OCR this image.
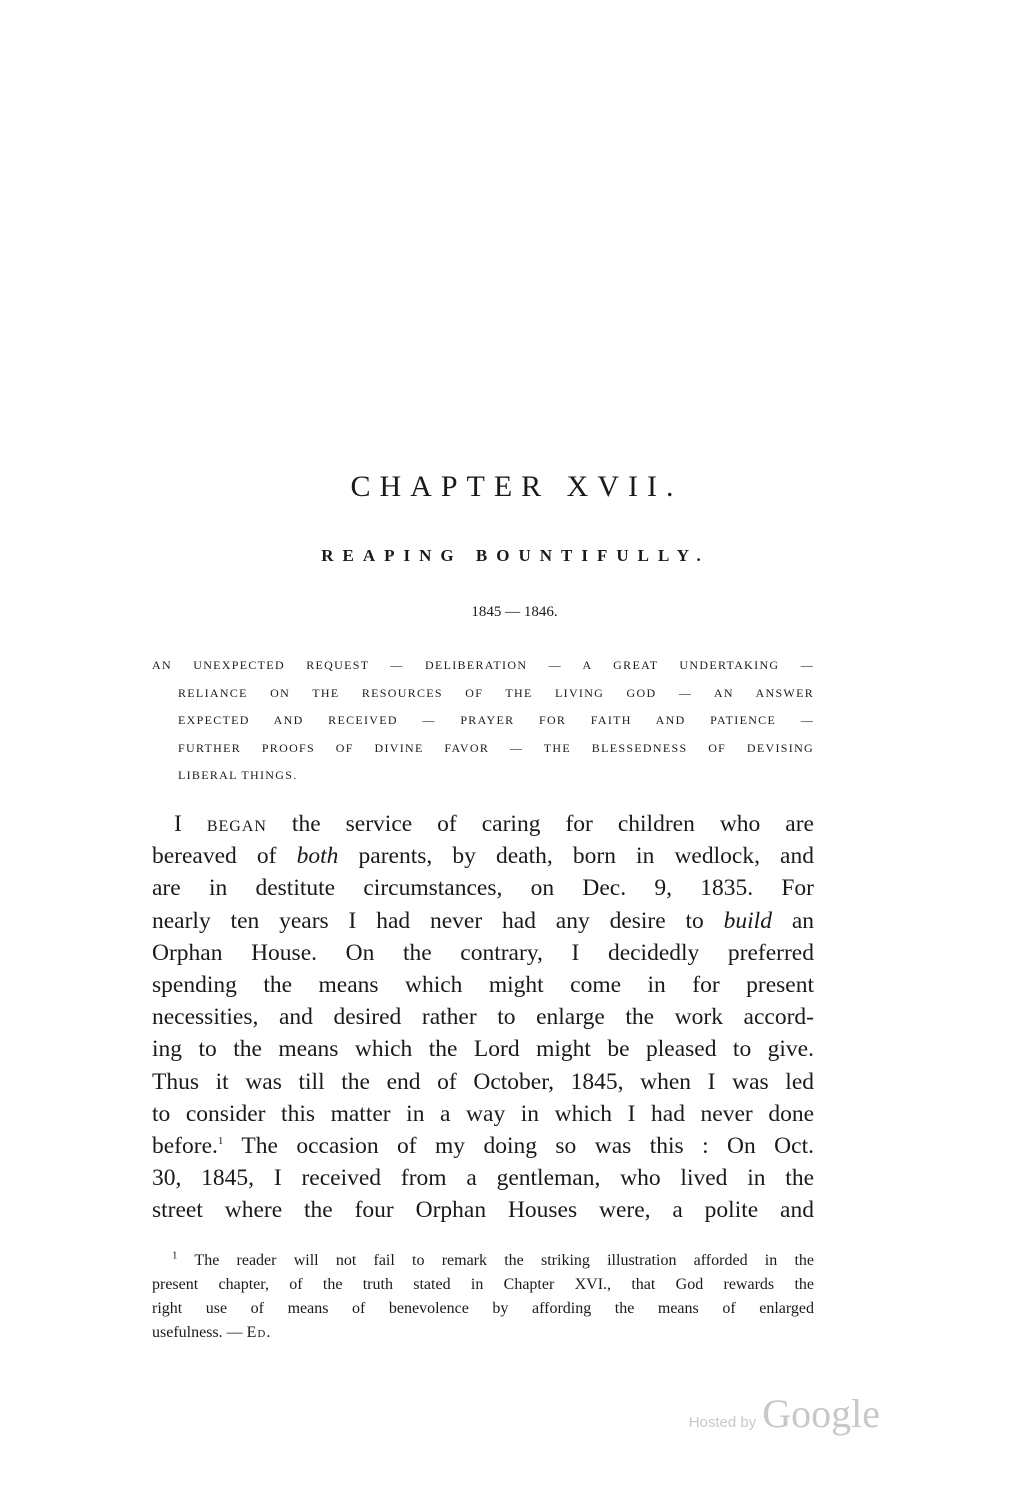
CHAPTER XVII.
REAPING BOUNTIFULLY.
1845 — 1846.
AN UNEXPECTED REQUEST — DELIBERATION — A GREAT UNDERTAKING —
RELIANCE ON THE RESOURCES OF THE LIVING GOD — AN ANSWER
EXPECTED AND RECEIVED — PRAYER FOR FAITH AND PATIENCE —
FURTHER PROOFS OF DIVINE FAVOR — THE BLESSEDNESS OF DEVISING
LIBERAL THINGS.
I began the service of caring for children who are
bereaved of both parents, by death, born in wedlock, and
are in destitute circumstances, on Dec. 9, 1835. For
nearly ten years I had never had any desire to build an
Orphan House. On the contrary, I decidedly preferred
spending the means which might come in for present
necessities, and desired rather to enlarge the work accord-
ing to the means which the Lord might be pleased to give.
Thus it was till the end of October, 1845, when I was led
to consider this matter in a way in which I had never done
before.$^1$ The occasion of my doing so was this : On Oct.
30, 1845, I received from a gentleman, who lived in the
street where the four Orphan Houses were, a polite and
$^1$ The reader will not fail to remark the striking illustration afforded in the
present chapter, of the truth stated in Chapter XVI., that God rewards the
right use of means of benevolence by affording the means of enlarged
usefulness. — Ed.
Hosted by Google
